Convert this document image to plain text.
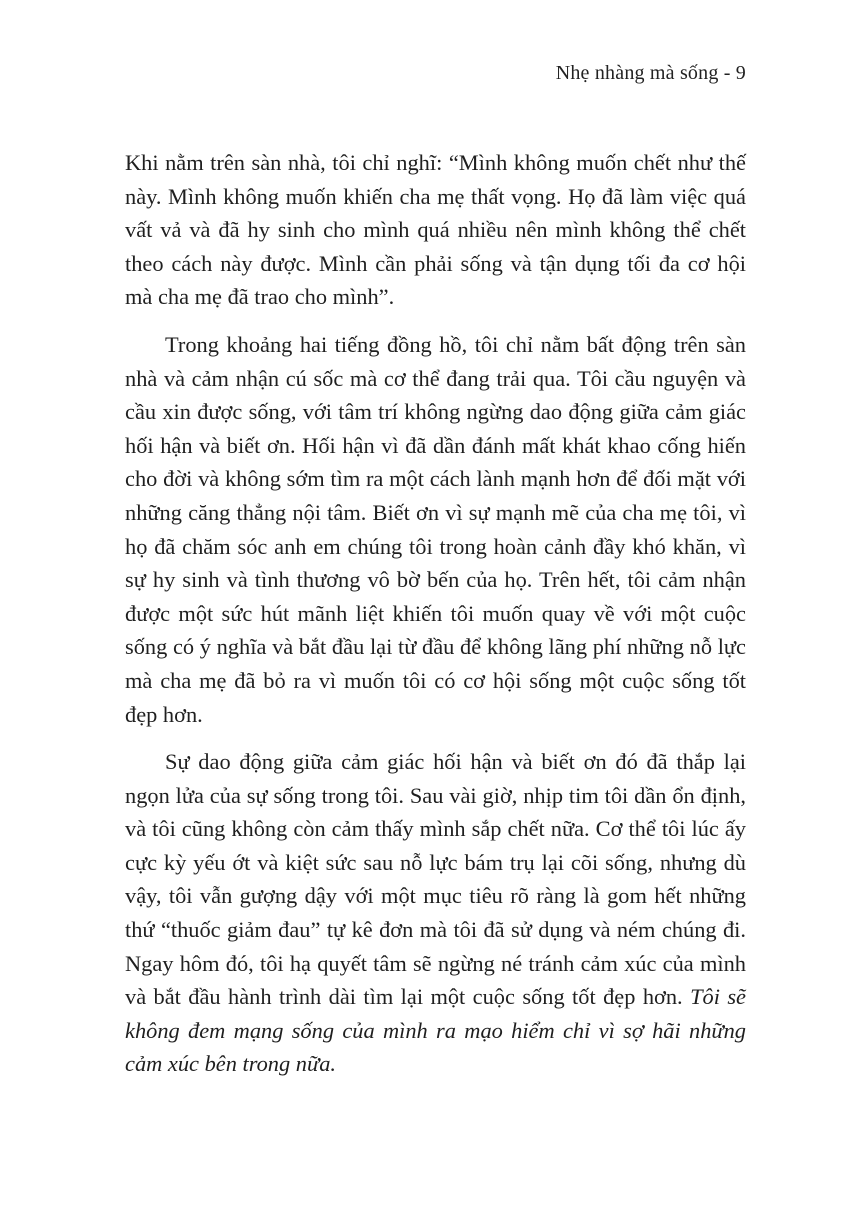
Nhẹ nhàng mà sống - 9

Khi nằm trên sàn nhà, tôi chỉ nghĩ: “Mình không muốn chết như thế này. Mình không muốn khiến cha mẹ thất vọng. Họ đã làm việc quá vất vả và đã hy sinh cho mình quá nhiều nên mình không thể chết theo cách này được. Mình cần phải sống và tận dụng tối đa cơ hội mà cha mẹ đã trao cho mình”.

Trong khoảng hai tiếng đồng hồ, tôi chỉ nằm bất động trên sàn nhà và cảm nhận cú sốc mà cơ thể đang trải qua. Tôi cầu nguyện và cầu xin được sống, với tâm trí không ngừng dao động giữa cảm giác hối hận và biết ơn. Hối hận vì đã dần đánh mất khát khao cống hiến cho đời và không sớm tìm ra một cách lành mạnh hơn để đối mặt với những căng thẳng nội tâm. Biết ơn vì sự mạnh mẽ của cha mẹ tôi, vì họ đã chăm sóc anh em chúng tôi trong hoàn cảnh đầy khó khăn, vì sự hy sinh và tình thương vô bờ bến của họ. Trên hết, tôi cảm nhận được một sức hút mãnh liệt khiến tôi muốn quay về với một cuộc sống có ý nghĩa và bắt đầu lại từ đầu để không lãng phí những nỗ lực mà cha mẹ đã bỏ ra vì muốn tôi có cơ hội sống một cuộc sống tốt đẹp hơn.

Sự dao động giữa cảm giác hối hận và biết ơn đó đã thắp lại ngọn lửa của sự sống trong tôi. Sau vài giờ, nhịp tim tôi dần ổn định, và tôi cũng không còn cảm thấy mình sắp chết nữa. Cơ thể tôi lúc ấy cực kỳ yếu ớt và kiệt sức sau nỗ lực bám trụ lại cõi sống, nhưng dù vậy, tôi vẫn gượng dậy với một mục tiêu rõ ràng là gom hết những thứ “thuốc giảm đau” tự kê đơn mà tôi đã sử dụng và ném chúng đi. Ngay hôm đó, tôi hạ quyết tâm sẽ ngừng né tránh cảm xúc của mình và bắt đầu hành trình dài tìm lại một cuộc sống tốt đẹp hơn. Tôi sẽ không đem mạng sống của mình ra mạo hiểm chỉ vì sợ hãi những cảm xúc bên trong nữa.
